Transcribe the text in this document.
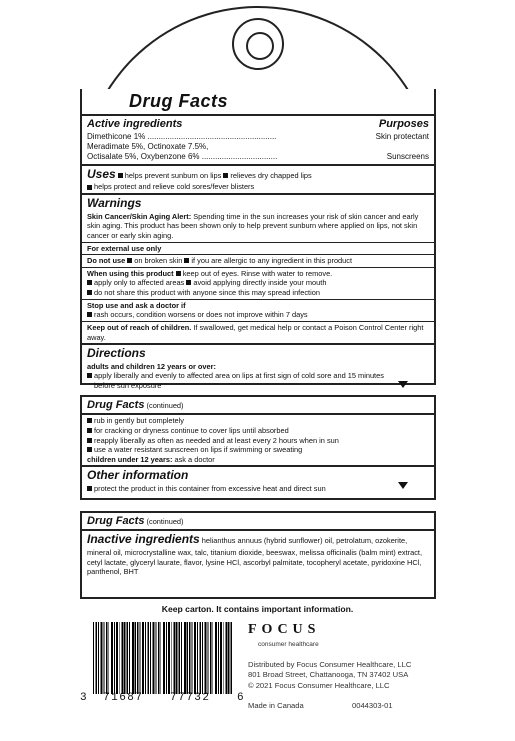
Drug Facts
Active ingredients	Purposes
Dimethicone 1% ..........................................................	Skin protectant
Meradimate 5%, Octinoxate 7.5%,
Octisalate 5%, Oxybenzone 6% ..................................	Sunscreens
Uses helps prevent sunburn on lips relieves dry chapped lips
helps protect and relieve cold sores/fever blisters
Warnings
Skin Cancer/Skin Aging Alert: Spending time in the sun increases your risk of skin cancer and early skin aging. This product has been shown only to help prevent sunburn where applied on lips, not skin cancer or early skin aging.
For external use only
Do not use on broken skin if you are allergic to any ingredient in this product
When using this product keep out of eyes. Rinse with water to remove.
apply only to affected areas avoid applying directly inside your mouth
do not share this product with anyone since this may spread infection
Stop use and ask a doctor if
rash occurs, condition worsens or does not improve within 7 days
Keep out of reach of children. If swallowed, get medical help or contact a Poison Control Center right away.
Directions
adults and children 12 years or over:
apply liberally and evenly to affected area on lips at first sign of cold sore and 15 minutes before sun exposure
Drug Facts (continued)
rub in gently but completely
for cracking or dryness continue to cover lips until absorbed
reapply liberally as often as needed and at least every 2 hours when in sun
use a water resistant sunscreen on lips if swimming or sweating
children under 12 years: ask a doctor
Other information
protect the product in this container from excessive heat and direct sun
Drug Facts (continued)
Inactive ingredients helianthus annuus (hybrid sunflower) oil, petrolatum, ozokerite, mineral oil, microcrystalline wax, talc, titanium dioxide, beeswax, melissa officinalis (balm mint) extract, cetyl lactate, glyceryl laurate, flavor, lysine HCl, ascorbyl palmitate, tocopheryl acetate, pyridoxine HCl, panthenol, BHT
Keep carton. It contains important information.
3 71687 77732 6
FOCUS
consumer healthcare
Distributed by Focus Consumer Healthcare, LLC
801 Broad Street, Chattanooga, TN 37402 USA
© 2021 Focus Consumer Healthcare, LLC
Made in Canada	0044303-01
